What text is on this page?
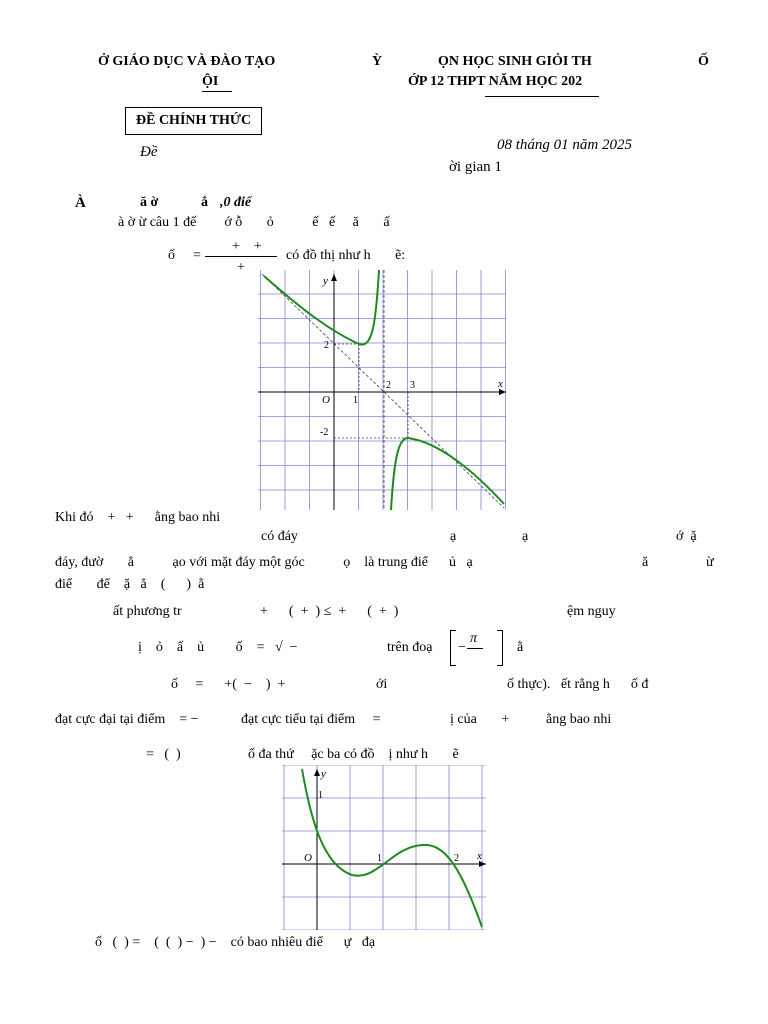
Ở GIÁO DỤC VÀ ĐÀO TẠO
ỘI
Ỳ	ỌN HỌC SINH GIỎI TH	Ố
ỚP 12 THPT NĂM HỌC 202
ĐỀ CHÍNH THỨC
Đề	08 tháng 01 năm 2025
ời gian 1
À	ă ờ	ắ ,0 điể
à ờ ừ câu 1 đế        ớ ỗ       ỏ           ế   ế     ă       ấ
ố =
+    +
+
có đồ thị như h       ẽ:
y
x
O 1
2 3
2
-2
Khi đó    +   +      ằng bao nhi
có đáy	ạ	ạ	ớ  ặ
đáy, đườ       ẳ           ạo với mặt đáy một góc           ọ    là trung điể      ủ   ạ	ă	ừ
điể       để    ặ   ẳ    (      )  ằ
ất phương tr	+      (  +  ) ≤  +      (  +  )	ệm nguy
ị    ỏ    ấ    ủ         ố    =   √  −	trên đoạ −
π
ằ
ố     =      +(  −    )  +	ới	ố thực).   ết rằng h      ố đ
đạt cực đại tại điểm    = −	đạt cực tiểu tại điểm     =	ị của       +	ằng bao nhi
=   (  )	ố đa thứ     ặc ba có đồ    ị như h       ẽ
y
x
O	1	2
1
ố   (  ) =    (  (  ) −  ) −    có bao nhiêu điể      ự   đạ
